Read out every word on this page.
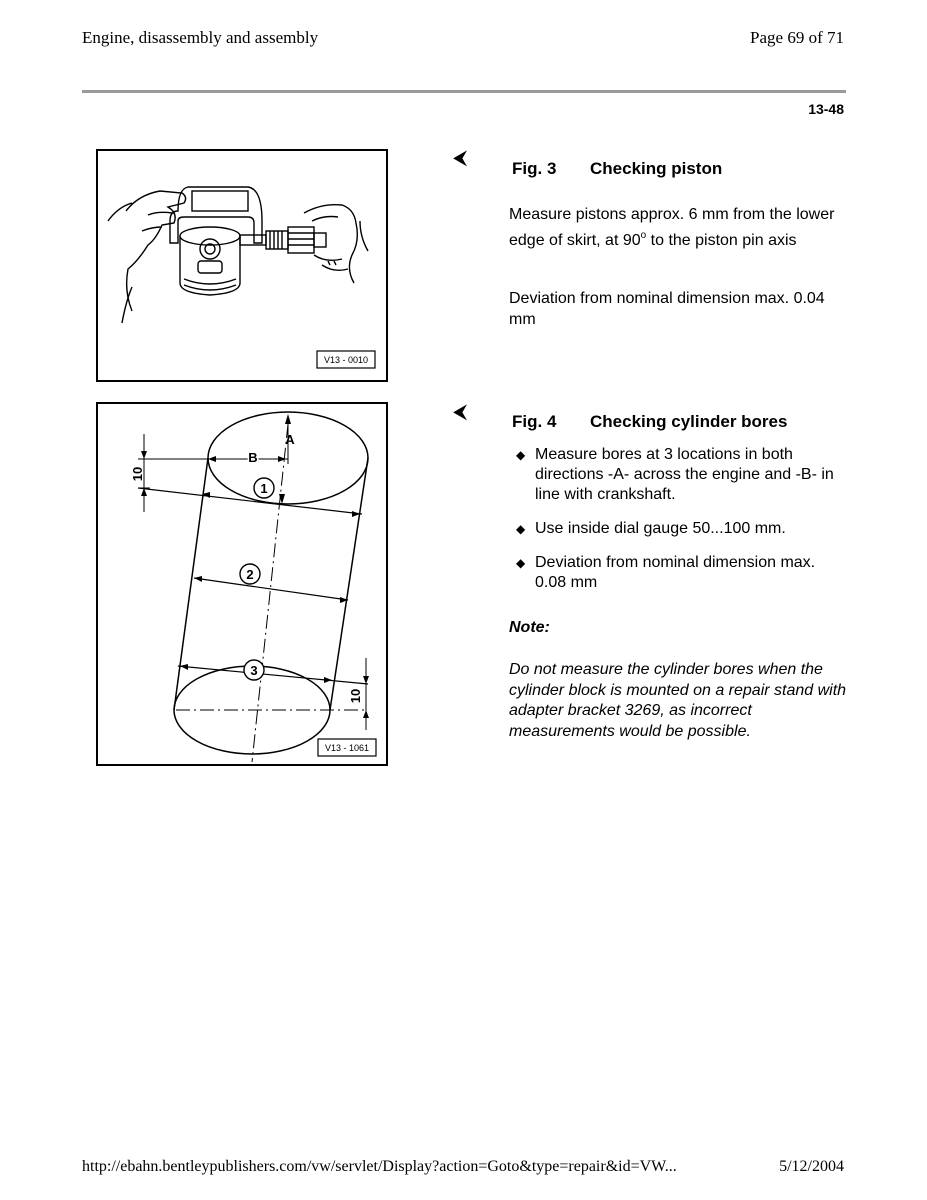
Engine, disassembly and assembly	Page 69 of 71
13-48
V13 - 0010
1
2
3
B
A
10
10
V13 - 1061
⮜	Fig. 3 Checking piston
Measure pistons approx. 6 mm from the lower edge of skirt, at 90$^o$ to the piston pin axis
Deviation from nominal dimension max. 0.04 mm
⮜	Fig. 4 Checking cylinder bores
◆ Measure bores at 3 locations in both directions -A- across the engine and -B- in line with crankshaft.
◆ Use inside dial gauge 50...100 mm.
◆ Deviation from nominal dimension max. 0.08 mm
Note:
Do not measure the cylinder bores when the cylinder block is mounted on a repair stand with adapter bracket 3269, as incorrect measurements would be possible.
http://ebahn.bentleypublishers.com/vw/servlet/Display?action=Goto&type=repair&id=VW...	5/12/2004
